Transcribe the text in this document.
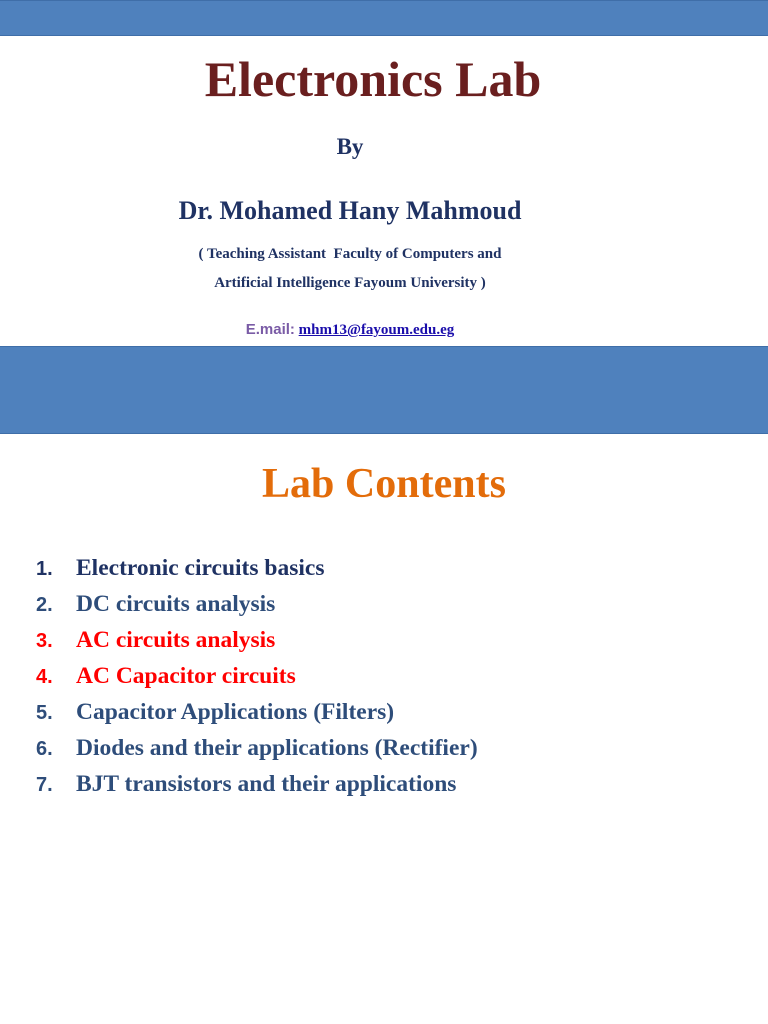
Electronics Lab
By
Dr. Mohamed Hany Mahmoud
( Teaching Assistant  Faculty of Computers and
Artificial Intelligence Fayoum University )
E.mail: mhm13@fayoum.edu.eg
Lab Contents
1. Electronic circuits basics
2. DC circuits analysis
3. AC circuits analysis
4. AC Capacitor circuits
5. Capacitor Applications (Filters)
6. Diodes and their applications (Rectifier)
7. BJT transistors and their applications
